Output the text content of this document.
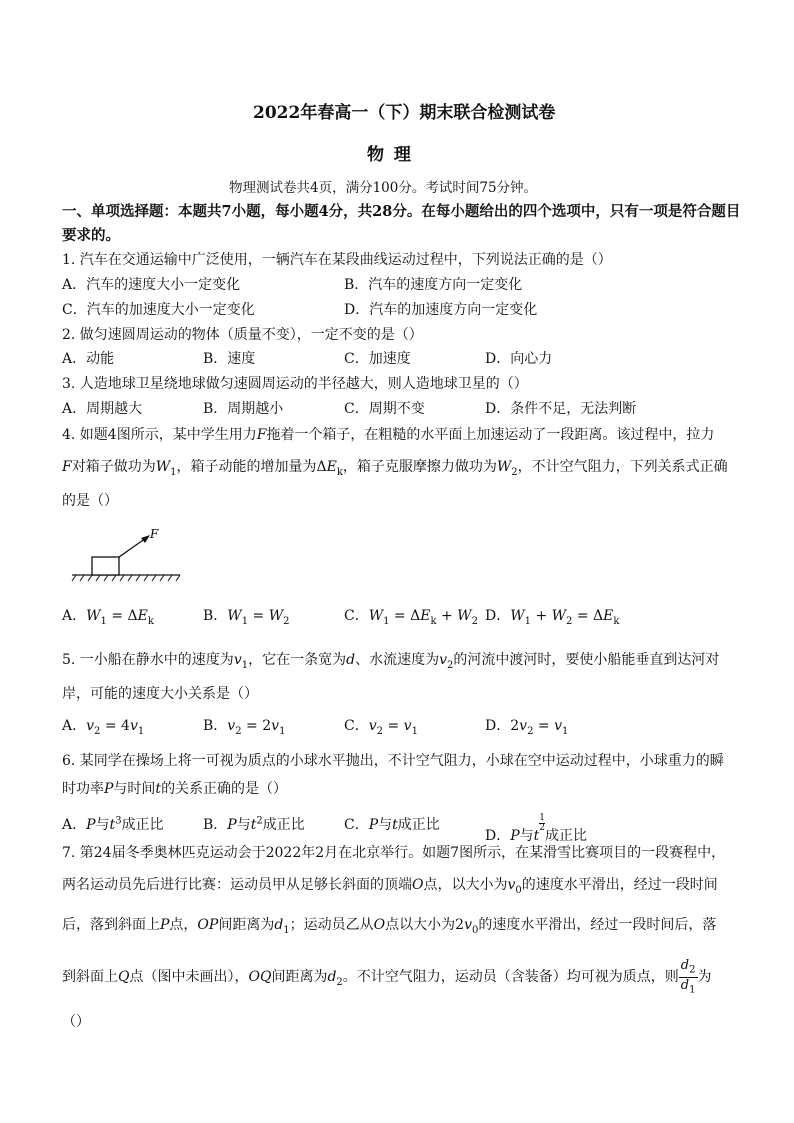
2022年春高一（下）期末联合检测试卷
物 理
物理测试卷共4页，满分100分。考试时间75分钟。
一、单项选择题：本题共7小题，每小题4分，共28分。在每小题给出的四个选项中，只有一项是符合题目
要求的。
1. 汽车在交通运输中广泛使用，一辆汽车在某段曲线运动过程中，下列说法正确的是（）
A．汽车的速度大小一定变化	B．汽车的速度方向一定变化
C．汽车的加速度大小一定变化	D．汽车的加速度方向一定变化
2. 做匀速圆周运动的物体（质量不变），一定不变的是（）
A．动能	B．速度	C．加速度	D．向心力
3. 人造地球卫星绕地球做匀速圆周运动的半径越大，则人造地球卫星的（）
A．周期越大	B．周期越小	C．周期不变	D．条件不足，无法判断
4. 如题4图所示，某中学生用力F拖着一个箱子，在粗糙的水平面上加速运动了一段距离。该过程中，拉力
F对箱子做功为$W_1$，箱子动能的增加量为$\Delta E_k$，箱子克服摩擦力做功为$W_2$，不计空气阻力，下列关系式正确
的是（）
F
A．$W_1 = \Delta E_k$	B．$W_1 = W_2$	C．$W_1 = \Delta E_k + W_2$ D．$W_1 + W_2 = \Delta E_k$
5. 一小船在静水中的速度为$v_1$，它在一条宽为d、水流速度为$v_2$的河流中渡河时，要使小船能垂直到达河对
岸，可能的速度大小关系是（）
A．$v_2 = 4v_1$	B．$v_2 = 2v_1$	C．$v_2 = v_1$	D．$2v_2 = v_1$
6. 某同学在操场上将一可视为质点的小球水平抛出，不计空气阻力，小球在空中运动过程中，小球重力的瞬
时功率P与时间t的关系正确的是（）
A．P与$t^3$成正比	B．P与$t^2$成正比	C．P与t成正比
D．P与t
$\frac{1}{2}$
成正比
7. 第24届冬季奥林匹克运动会于2022年2月在北京举行。如题7图所示，在某滑雪比赛项目的一段赛程中，
两名运动员先后进行比赛：运动员甲从足够长斜面的顶端O点，以大小为$v_0$的速度水平滑出，经过一段时间
后，落到斜面上P点，OP间距离为$d_1$；运动员乙从O点以大小为$2v_0$的速度水平滑出，经过一段时间后，落
到斜面上Q点（图中未画出），OQ间距离为$d_2$。不计空气阻力，运动员（含装备）均可视为质点，则 $\frac{d_2}{d_1}$ 为
（）
